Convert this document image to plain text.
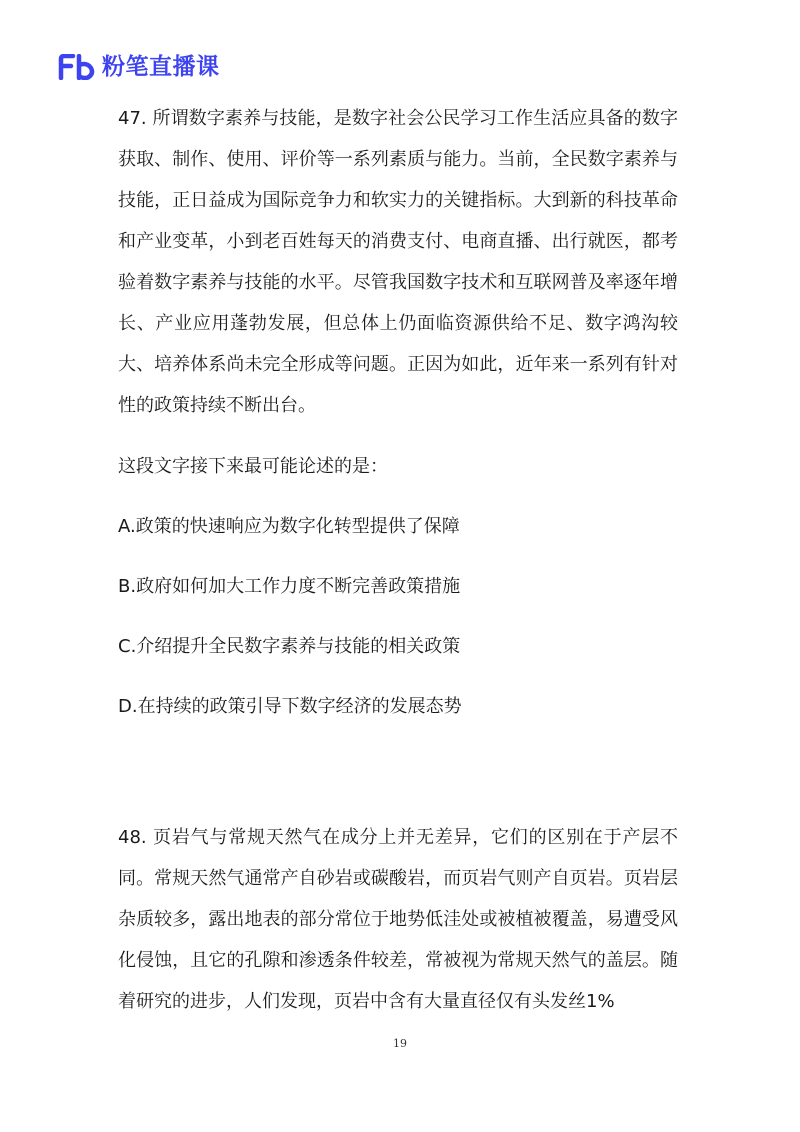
粉笔直播课

47. 所谓数字素养与技能，是数字社会公民学习工作生活应具备的数字获取、制作、使用、评价等一系列素质与能力。当前，全民数字素养与技能，正日益成为国际竞争力和软实力的关键指标。大到新的科技革命和产业变革，小到老百姓每天的消费支付、电商直播、出行就医，都考验着数字素养与技能的水平。尽管我国数字技术和互联网普及率逐年增长、产业应用蓬勃发展，但总体上仍面临资源供给不足、数字鸿沟较大、培养体系尚未完全形成等问题。正因为如此，近年来一系列有针对性的政策持续不断出台。

这段文字接下来最可能论述的是：

A.政策的快速响应为数字化转型提供了保障

B.政府如何加大工作力度不断完善政策措施

C.介绍提升全民数字素养与技能的相关政策

D.在持续的政策引导下数字经济的发展态势

48. 页岩气与常规天然气在成分上并无差异，它们的区别在于产层不同。常规天然气通常产自砂岩或碳酸岩，而页岩气则产自页岩。页岩层杂质较多，露出地表的部分常位于地势低洼处或被植被覆盖，易遭受风化侵蚀，且它的孔隙和渗透条件较差，常被视为常规天然气的盖层。随着研究的进步，人们发现，页岩中含有大量直径仅有头发丝1%

19
